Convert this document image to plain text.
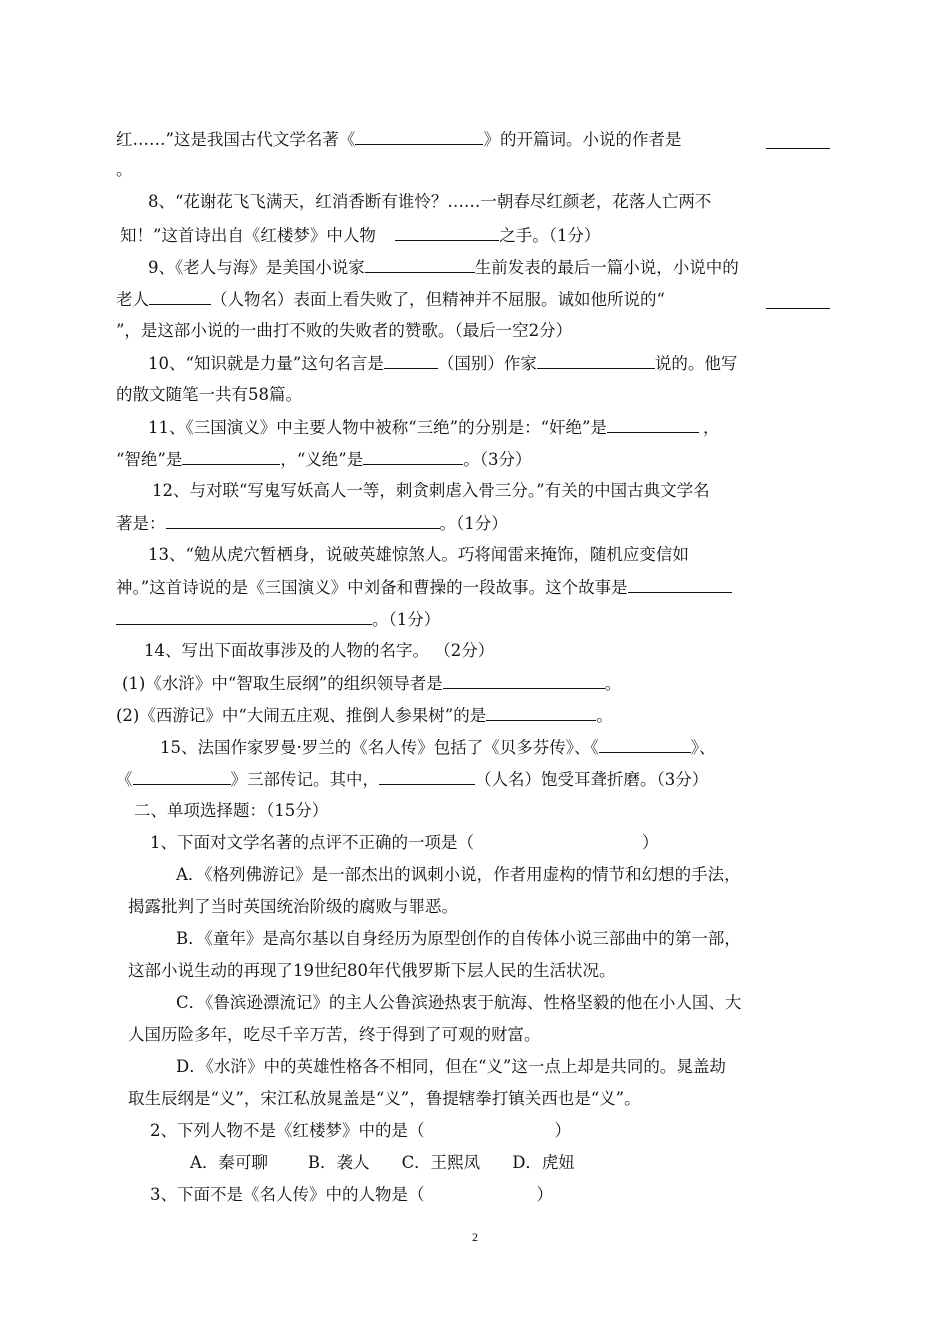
红……”这是我国古代文学名著《	》的开篇词。小说的作者是
。
8、“花谢花飞飞满天，红消香断有谁怜？……一朝春尽红颜老，花落人亡两不
知！”这首诗出自《红楼梦》中人物	之手。（1分）
9、《老人与海》是美国小说家	生前发表的最后一篇小说，小说中的
老人	（人物名）表面上看失败了，但精神并不屈服。诚如他所说的“
”，是这部小说的一曲打不败的失败者的赞歌。（最后一空2分）
10、“知识就是力量”这句名言是	（国别）作家	说的。他写
的散文随笔一共有58篇。
11、《三国演义》中主要人物中被称“三绝”的分别是：“奸绝”是	，
“智绝”是	，“义绝”是	。（3分）
12、与对联“写鬼写妖高人一等，刺贪刺虐入骨三分。”有关的中国古典文学名
著是：	。（1分）
13、“勉从虎穴暂栖身，说破英雄惊煞人。巧将闻雷来掩饰，随机应变信如
神。”这首诗说的是《三国演义》中刘备和曹操的一段故事。这个故事是
。（1分）
14、写出下面故事涉及的人物的名字。 （2分）
(1)《水浒》中“智取生辰纲”的组织领导者是	。
(2)《西游记》中“大闹五庄观、推倒人参果树”的是	。
15、法国作家罗曼·罗兰的《名人传》包括了《贝多芬传》、《	》、
《	》三部传记。其中，	（人名）饱受耳聋折磨。（3分）
二、单项选择题：（15分）
1、下面对文学名著的点评不正确的一项是（	）
A．《格列佛游记》是一部杰出的讽刺小说，作者用虚构的情节和幻想的手法，
揭露批判了当时英国统治阶级的腐败与罪恶。
B．《童年》是高尔基以自身经历为原型创作的自传体小说三部曲中的第一部，
这部小说生动的再现了19世纪80年代俄罗斯下层人民的生活状况。
C．《鲁滨逊漂流记》的主人公鲁滨逊热衷于航海、性格坚毅的他在小人国、大
人国历险多年，吃尽千辛万苦，终于得到了可观的财富。
D．《水浒》中的英雄性格各不相同，但在“义”这一点上却是共同的。晁盖劫
取生辰纲是“义”，宋江私放晁盖是“义”，鲁提辖拳打镇关西也是“义”。
2、下列人物不是《红楼梦》中的是（	）
A．秦可聊 B．袭人 C．王熙凤 D．虎妞
3、下面不是《名人传》中的人物是（	）
2
